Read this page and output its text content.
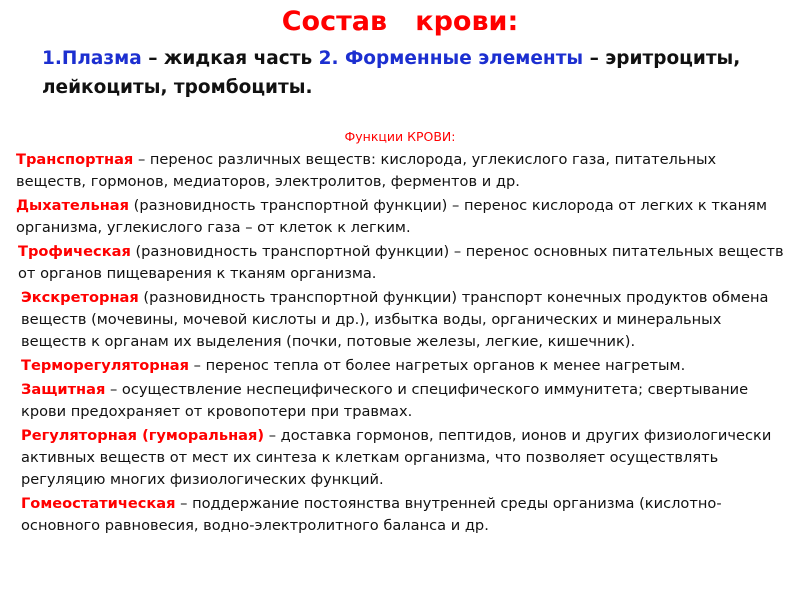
Состав   крови:
1.Плазма – жидкая часть 2. Форменные элементы – эритроциты, лейкоциты, тромбоциты.
Функции КРОВИ:

Транспортная – перенос различных веществ: кислорода, углекислого газа, питательных веществ, гормонов, медиаторов, электролитов, ферментов и др.

Дыхательная (разновидность транспортной функции) – перенос кислорода от легких к тканям организма, углекислого газа – от клеток к легким.

Трофическая (разновидность транспортной функции) – перенос основных питательных веществ от органов пищеварения к тканям организма.

Экскреторная (разновидность транспортной функции) транспорт конечных продуктов обмена веществ (мочевины, мочевой кислоты и др.), избытка воды, органических и минеральных веществ к органам их выделения (почки, потовые железы, легкие, кишечник).

Терморегуляторная – перенос тепла от более нагретых органов к менее нагретым.

Защитная – осуществление неспецифического и специфического иммунитета; свертывание крови предохраняет от кровопотери при травмах.

Регуляторная (гуморальная) – доставка гормонов, пептидов, ионов и других физиологически активных веществ от мест их синтеза к клеткам организма, что позволяет осуществлять регуляцию многих физиологических функций.

Гомеостатическая – поддержание постоянства внутренней среды организма (кислотно-основного равновесия, водно-электролитного баланса и др.
